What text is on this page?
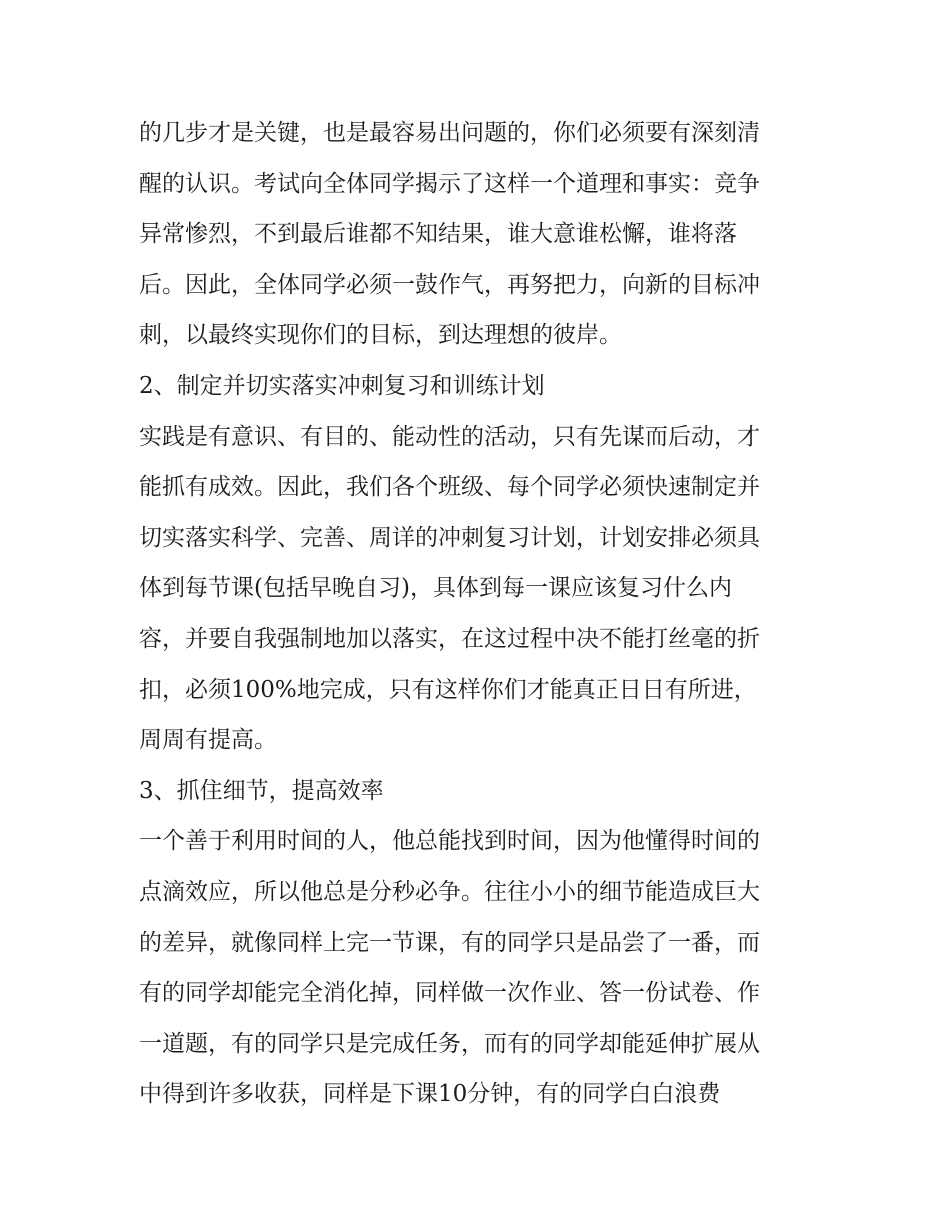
的几步才是关键，也是最容易出问题的，你们必须要有深刻清
醒的认识。考试向全体同学揭示了这样一个道理和事实：竞争
异常惨烈，不到最后谁都不知结果，谁大意谁松懈，谁将落
后。因此，全体同学必须一鼓作气，再努把力，向新的目标冲
刺，以最终实现你们的目标，到达理想的彼岸。
2、制定并切实落实冲刺复习和训练计划
实践是有意识、有目的、能动性的活动，只有先谋而后动，才
能抓有成效。因此，我们各个班级、每个同学必须快速制定并
切实落实科学、完善、周详的冲刺复习计划，计划安排必须具
体到每节课(包括早晚自习)，具体到每一课应该复习什么内
容，并要自我强制地加以落实，在这过程中决不能打丝毫的折
扣，必须100%地完成，只有这样你们才能真正日日有所进，
周周有提高。
3、抓住细节，提高效率
一个善于利用时间的人，他总能找到时间，因为他懂得时间的
点滴效应，所以他总是分秒必争。往往小小的细节能造成巨大
的差异，就像同样上完一节课，有的同学只是品尝了一番，而
有的同学却能完全消化掉，同样做一次作业、答一份试卷、作
一道题，有的同学只是完成任务，而有的同学却能延伸扩展从
中得到许多收获，同样是下课10分钟，有的同学白白浪费
